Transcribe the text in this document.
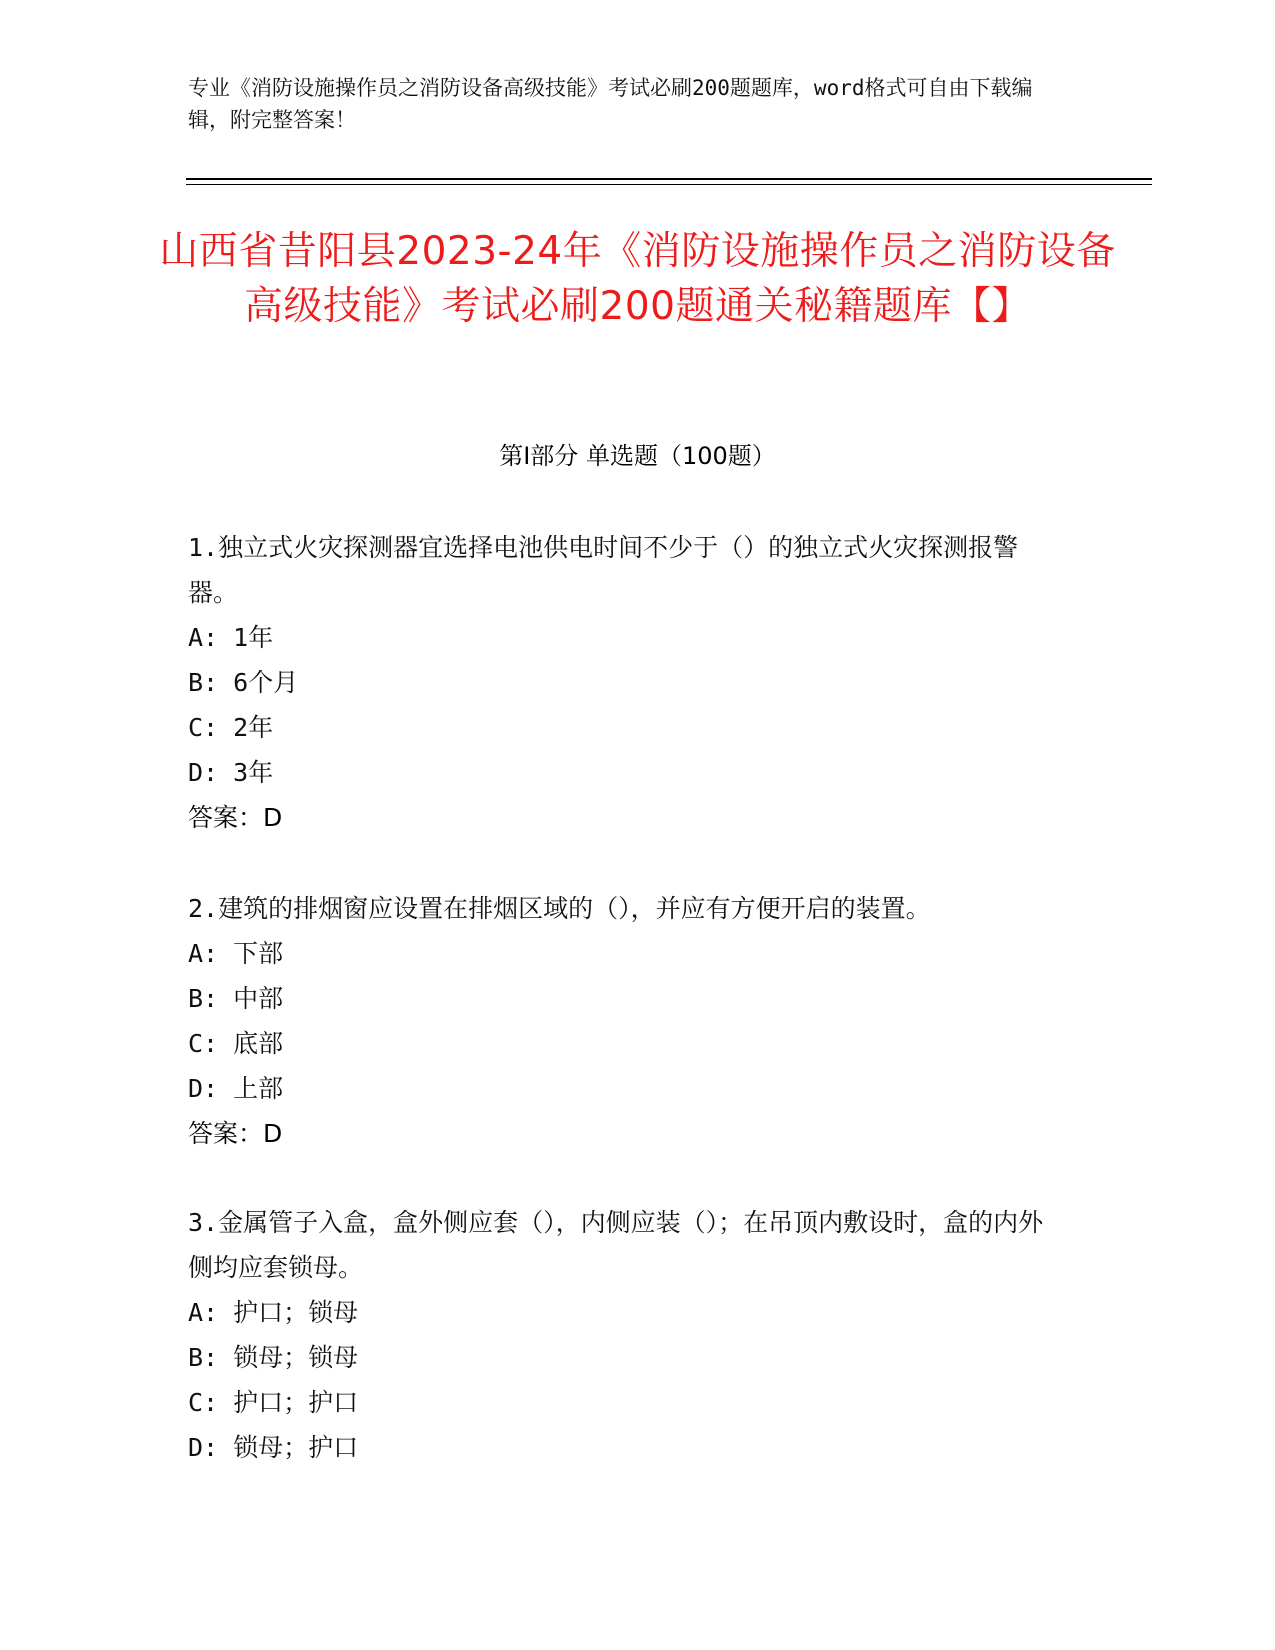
专业《消防设施操作员之消防设备高级技能》考试必刷200题题库，word格式可自由下载编辑，附完整答案！
山西省昔阳县2023-24年《消防设施操作员之消防设备高级技能》考试必刷200题通关秘籍题库【】
第Ⅰ部分 单选题（100题）
1.独立式火灾探测器宜选择电池供电时间不少于（）的独立式火灾探测报警器。
A: 1年
B: 6个月
C: 2年
D: 3年
答案：D
2.建筑的排烟窗应设置在排烟区域的（），并应有方便开启的装置。
A: 下部
B: 中部
C: 底部
D: 上部
答案：D
3.金属管子入盒，盒外侧应套（），内侧应装（）；在吊顶内敷设时，盒的内外侧均应套锁母。
A: 护口；锁母
B: 锁母；锁母
C: 护口；护口
D: 锁母；护口
